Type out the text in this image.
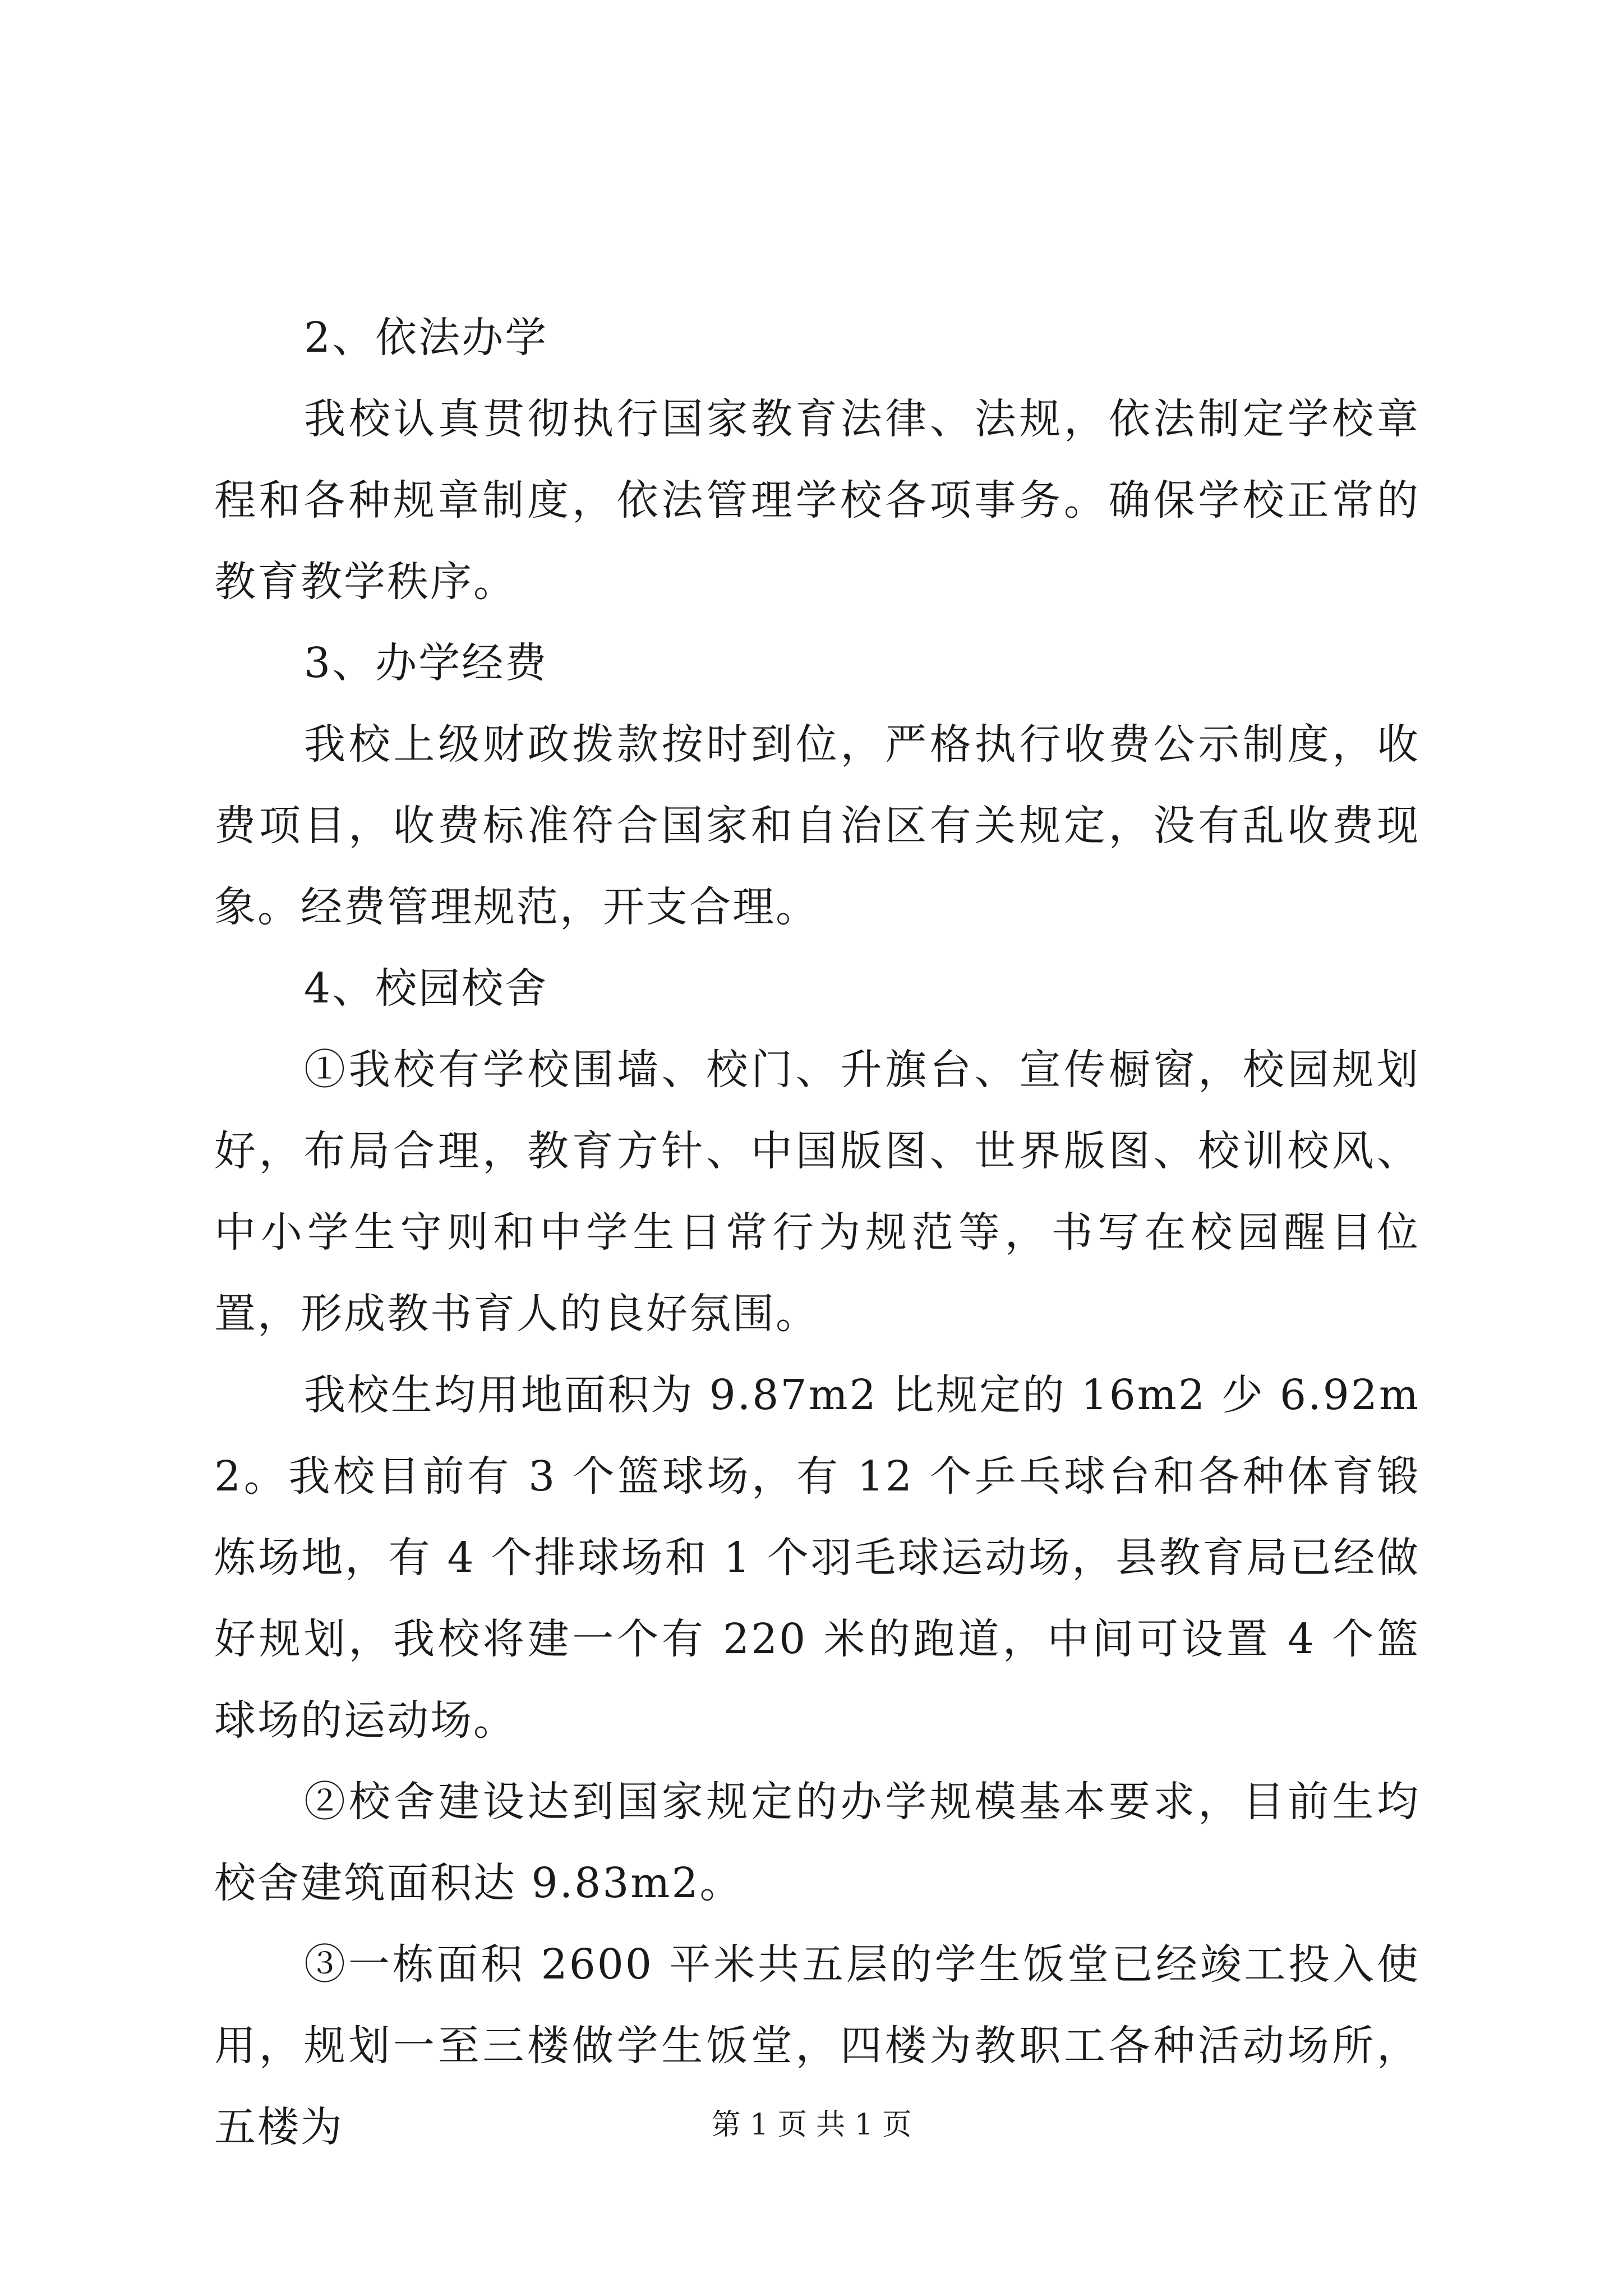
2、依法办学

我校认真贯彻执行国家教育法律、法规，依法制定学校章程和各种规章制度，依法管理学校各项事务。确保学校正常的教育教学秩序。

3、办学经费

我校上级财政拨款按时到位，严格执行收费公示制度，收费项目，收费标准符合国家和自治区有关规定，没有乱收费现象。经费管理规范，开支合理。

4、校园校舍

①我校有学校围墙、校门、升旗台、宣传橱窗，校园规划好，布局合理，教育方针、中国版图、世界版图、校训校风、中小学生守则和中学生日常行为规范等，书写在校园醒目位置，形成教书育人的良好氛围。

我校生均用地面积为 9.87m2 比规定的 16m2 少 6.92m2。我校目前有 3 个篮球场，有 12 个乒乓球台和各种体育锻炼场地，有 4 个排球场和 1 个羽毛球运动场，县教育局已经做好规划，我校将建一个有 220 米的跑道，中间可设置 4 个篮球场的运动场。

②校舍建设达到国家规定的办学规模基本要求，目前生均校舍建筑面积达 9.83m2。

③一栋面积 2600 平米共五层的学生饭堂已经竣工投入使用，规划一至三楼做学生饭堂，四楼为教职工各种活动场所，五楼为	第 1 页 共 1 页
